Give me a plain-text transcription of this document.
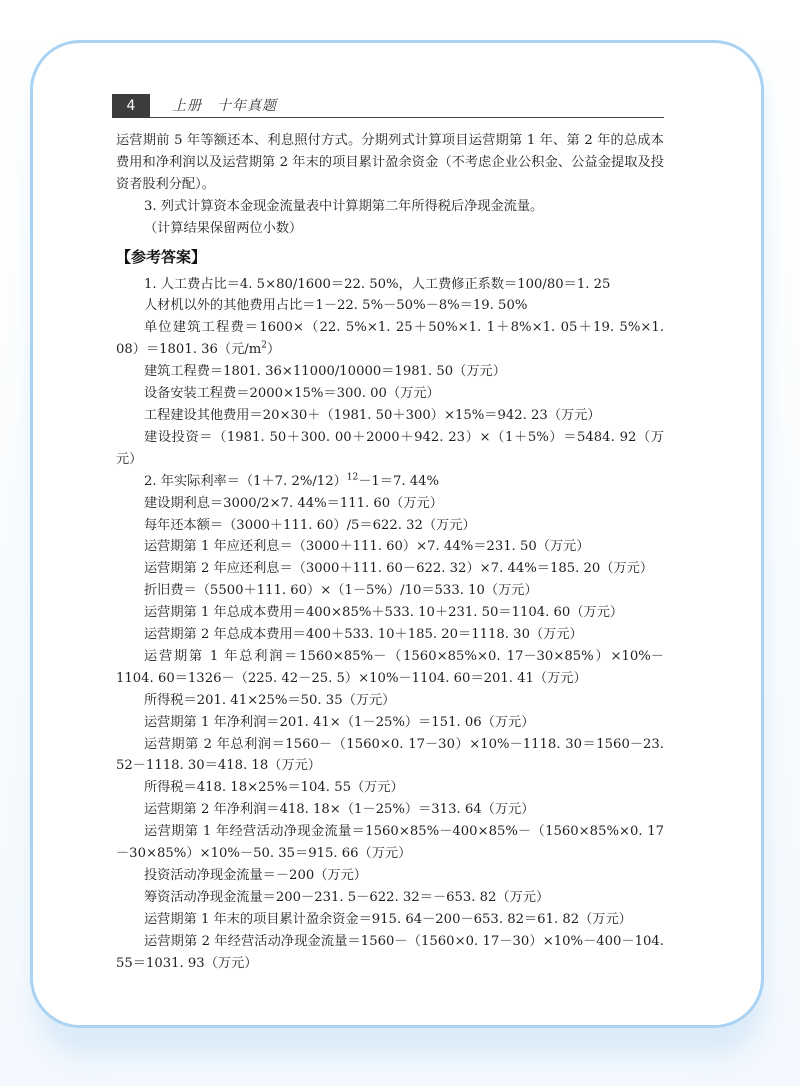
4	上册　十年真题

运营期前 5 年等额还本、利息照付方式。分期列式计算项目运营期第 1 年、第 2 年的总成本费用和净利润以及运营期第 2 年末的项目累计盈余资金（不考虑企业公积金、公益金提取及投资者股利分配）。

3. 列式计算资本金现金流量表中计算期第二年所得税后净现金流量。

（计算结果保留两位小数）

【参考答案】

1. 人工费占比＝4. 5×80/1600＝22. 50%，人工费修正系数＝100/80＝1. 25

人材机以外的其他费用占比＝1－22. 5%－50%－8%＝19. 50%

单位建筑工程费＝1600×（22. 5%×1. 25＋50%×1. 1＋8%×1. 05＋19. 5%×1. 08）＝1801. 36（元$/m^2$）

建筑工程费＝1801. 36×11000/10000＝1981. 50（万元）

设备安装工程费＝2000×15%＝300. 00（万元）

工程建设其他费用＝20×30＋（1981. 50＋300）×15%＝942. 23（万元）

建设投资＝（1981. 50＋300. 00＋2000＋942. 23）×（1＋5%）＝5484. 92（万元）

2. 年实际利率＝（1＋7. 2%/12）$^{12}$－1＝7. 44%

建设期利息＝3000/2×7. 44%＝111. 60（万元）

每年还本额＝（3000＋111. 60）/5＝622. 32（万元）

运营期第 1 年应还利息＝（3000＋111. 60）×7. 44%＝231. 50（万元）

运营期第 2 年应还利息＝（3000＋111. 60－622. 32）×7. 44%＝185. 20（万元）

折旧费＝（5500＋111. 60）×（1－5%）/10＝533. 10（万元）

运营期第 1 年总成本费用＝400×85%＋533. 10＋231. 50＝1104. 60（万元）

运营期第 2 年总成本费用＝400＋533. 10＋185. 20＝1118. 30（万元）

运营期第 1 年总利润＝1560×85%－（1560×85%×0. 17－30×85%）×10%－1104. 60＝1326－（225. 42－25. 5）×10%－1104. 60＝201. 41（万元）

所得税＝201. 41×25%＝50. 35（万元）

运营期第 1 年净利润＝201. 41×（1－25%）＝151. 06（万元）

运营期第 2 年总利润＝1560－（1560×0. 17－30）×10%－1118. 30＝1560－23. 52－1118. 30＝418. 18（万元）

所得税＝418. 18×25%＝104. 55（万元）

运营期第 2 年净利润＝418. 18×（1－25%）＝313. 64（万元）

运营期第 1 年经营活动净现金流量＝1560×85%－400×85%－（1560×85%×0. 17－30×85%）×10%－50. 35＝915. 66（万元）

投资活动净现金流量＝－200（万元）

筹资活动净现金流量＝200－231. 5－622. 32＝－653. 82（万元）

运营期第 1 年末的项目累计盈余资金＝915. 64－200－653. 82＝61. 82（万元）

运营期第 2 年经营活动净现金流量＝1560－（1560×0. 17－30）×10%－400－104. 55＝1031. 93（万元）
